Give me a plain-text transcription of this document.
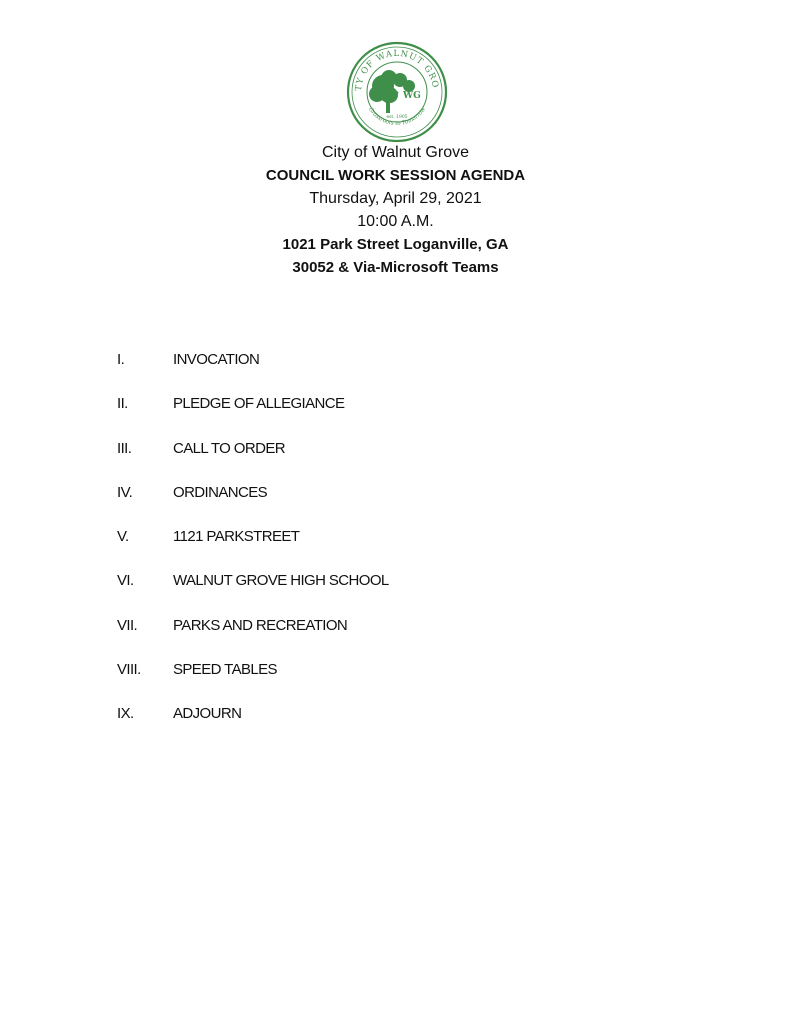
TY OF WALNUT GRO
Grassroots to Tomorrow
WG
est. 1905
City of Walnut Grove
COUNCIL WORK SESSION AGENDA
Thursday, April 29, 2021
10:00 A.M.
1021 Park Street Loganville, GA
30052 & Via-Microsoft Teams
I.	INVOCATION
II.	PLEDGE OF ALLEGIANCE
III.	CALL TO ORDER
IV.	ORDINANCES
V.	1121 PARKSTREET
VI.	WALNUT GROVE HIGH SCHOOL
VII. PARKS AND RECREATION
VIII. SPEED TABLES
IX.	ADJOURN
